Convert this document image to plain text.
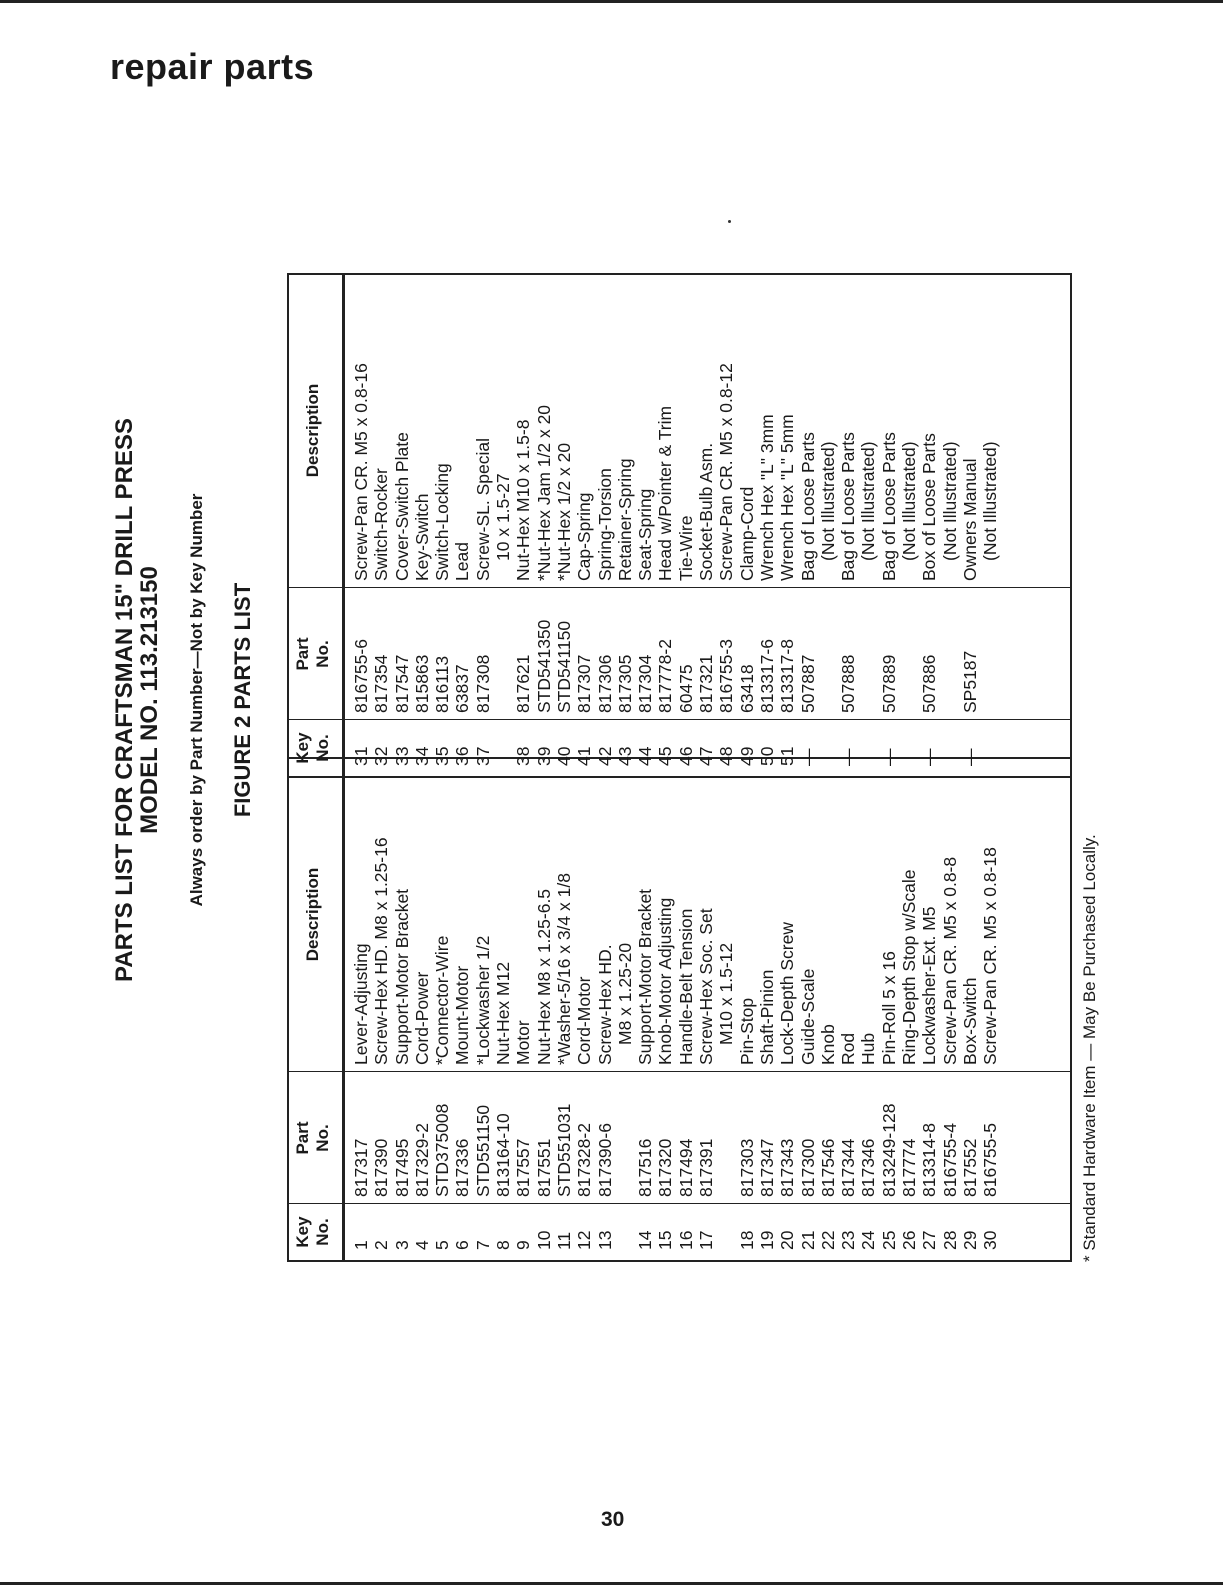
repair parts
PARTS LIST FOR CRAFTSMAN 15" DRILL PRESS
MODEL NO. 113.213150 Always order by Part Number—Not by Key Number FIGURE 2 PARTS LIST
Key No.
Part No.
Description
1
817317
Lever-Adjusting
2
817390
Screw-Hex HD. M8 x 1.25-16
3
817495
Support-Motor Bracket
4
817329-2
Cord-Power
5
STD375008
*Connector-Wire
6
817336
Mount-Motor
7
STD551150
*Lockwasher 1/2
8
813164-10
Nut-Hex M12
9
817557
Motor
10
817551
Nut-Hex M8 x 1.25-6.5
11
STD551031
*Washer-5/16 x 3/4 x 1/8
12
817328-2
Cord-Motor
13
817390-6
Screw-Hex HD. M8 x 1.25-20
14
817516
Support-Motor Bracket
15
817320
Knob-Motor Adjusting
16
817494
Handle-Belt Tension
17
817391
Screw-Hex Soc. Set M10 x 1.5-12
18
817303
Pin-Stop
19
817347
Shaft-Pinion
20
817343
Lock-Depth Screw
21
817300
Guide-Scale
22
817546
Knob
23
817344
Rod
24
817346
Hub
25
813249-128
Pin-Roll 5 x 16
26
817774
Ring-Depth Stop w/Scale
27
813314-8
Lockwasher-Ext. M5
28
816755-4
Screw-Pan CR. M5 x 0.8-8
29
817552
Box-Switch
30
816755-5
Screw-Pan CR. M5 x 0.8-18
Key No.
Part No.
Description
31
816755-6
Screw-Pan CR. M5 x 0.8-16
32
817354
Switch-Rocker
33
817547
Cover-Switch Plate
34
815863
Key-Switch
35
816113
Switch-Locking
36
63837
Lead
37
817308
Screw-SL. Special 10 x 1.5-27
38
817621
Nut-Hex M10 x 1.5-8
39
STD541350
*Nut-Hex Jam 1/2 x 20
40
STD541150
*Nut-Hex 1/2 x 20
41
817307
Cap-Spring
42
817306
Spring-Torsion
43
817305
Retainer-Spring
44
817304
Seat-Spring
45
817778-2
Head w/Pointer & Trim
46
60475
Tie-Wire
47
817321
Socket-Bulb Asm.
48
816755-3
Screw-Pan CR. M5 x 0.8-12
49
63418
Clamp-Cord
50
813317-6
Wrench Hex "L" 3mm
51
813317-8
Wrench Hex "L" 5mm
—
507887
Bag of Loose Parts (Not Illustrated)
—
507888
Bag of Loose Parts (Not Illustrated)
—
507889
Bag of Loose Parts (Not Illustrated)
—
507886
Box of Loose Parts (Not Illustrated)
—
SP5187
Owners Manual (Not Illustrated)
* Standard Hardware Item — May Be Purchased Locally.
30
